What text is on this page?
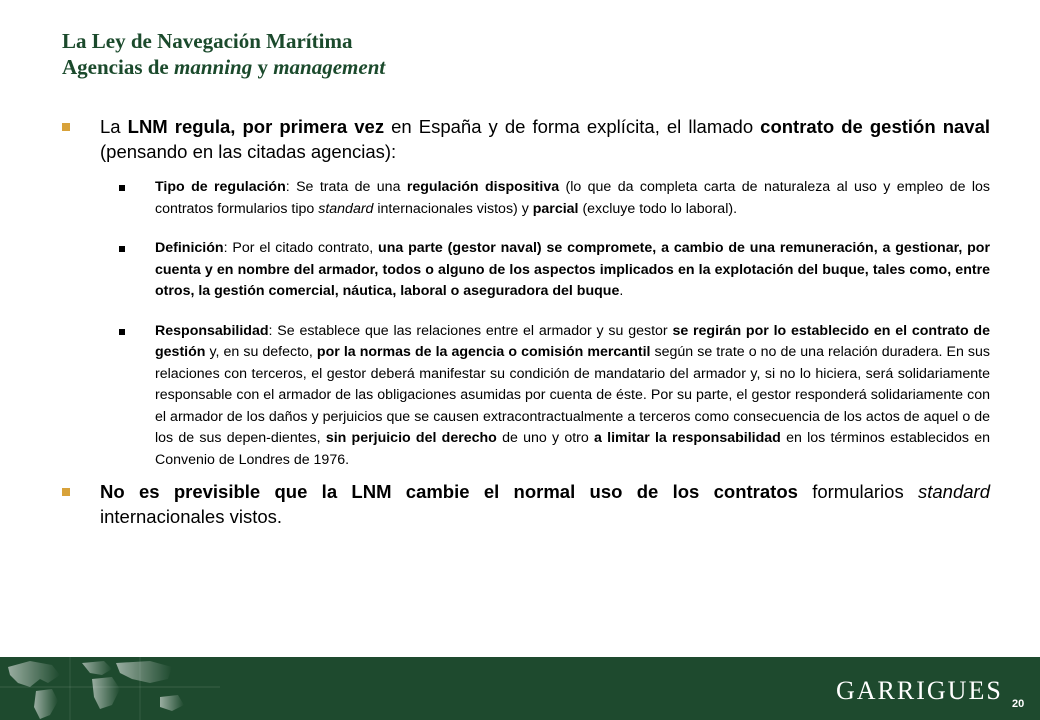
La Ley de Navegación Marítima
Agencias de manning y management
La LNM regula, por primera vez en España y de forma explícita, el llamado contrato de gestión naval (pensando en las citadas agencias):
Tipo de regulación: Se trata de una regulación dispositiva (lo que da completa carta de naturaleza al uso y empleo de los contratos formularios tipo standard internacionales vistos) y parcial (excluye todo lo laboral).
Definición: Por el citado contrato, una parte (gestor naval) se compromete, a cambio de una remuneración, a gestionar, por cuenta y en nombre del armador, todos o alguno de los aspectos implicados en la explotación del buque, tales como, entre otros, la gestión comercial, náutica, laboral o aseguradora del buque.
Responsabilidad: Se establece que las relaciones entre el armador y su gestor se regirán por lo establecido en el contrato de gestión y, en su defecto, por la normas de la agencia o comisión mercantil según se trate o no de una relación duradera. En sus relaciones con terceros, el gestor deberá manifestar su condición de mandatario del armador y, si no lo hiciera, será solidariamente responsable con el armador de las obligaciones asumidas por cuenta de éste. Por su parte, el gestor responderá solidariamente con el armador de los daños y perjuicios que se causen extracontractualmente a terceros como consecuencia de los actos de aquel o de los de sus depen-dientes, sin perjuicio del derecho de uno y otro a limitar la responsabilidad en los términos establecidos en Convenio de Londres de 1976.
No es previsible que la LNM cambie el normal uso de los contratos formularios standard internacionales vistos.
GARRIGUES 20
